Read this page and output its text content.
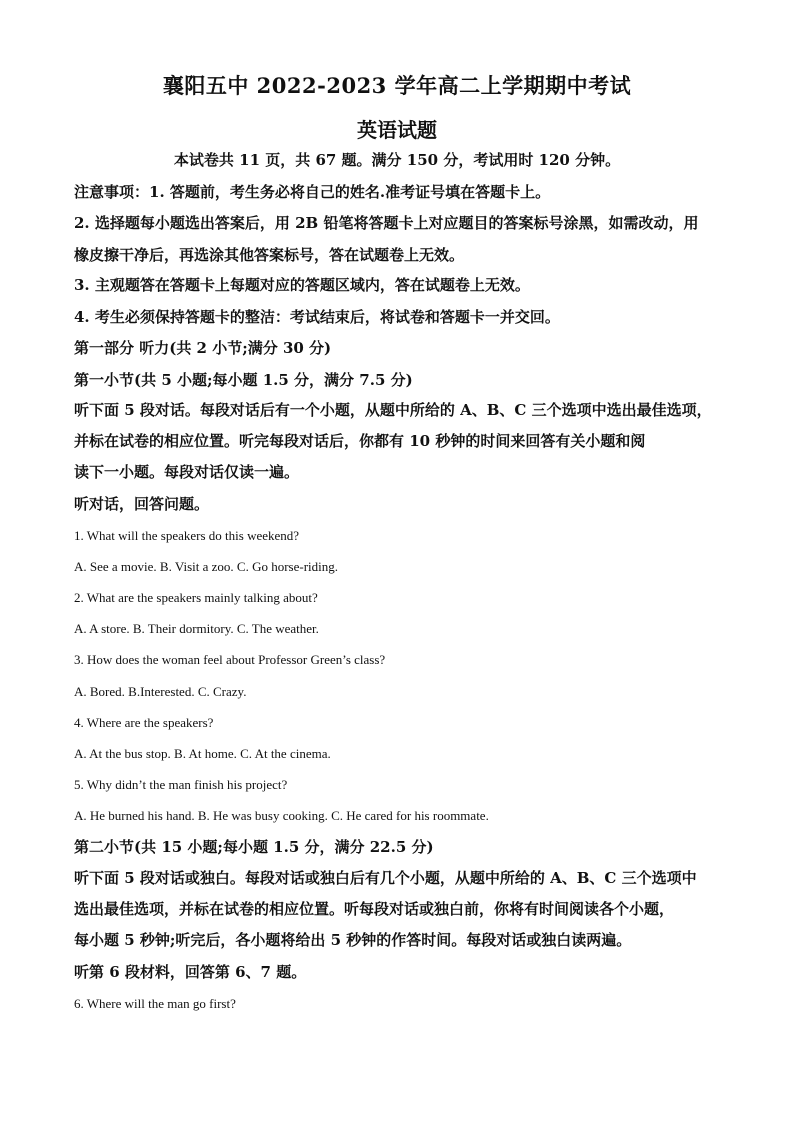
襄阳五中 2022-2023 学年高二上学期期中考试
英语试题
本试卷共 11 页，共 67 题。满分 150 分，考试用时 120 分钟。
注意事项：1. 答题前，考生务必将自己的姓名.准考证号填在答题卡上。
2. 选择题每小题选出答案后，用 2B 铅笔将答题卡上对应题目的答案标号涂黑，如需改动，用
橡皮擦干净后，再选涂其他答案标号，答在试题卷上无效。
3. 主观题答在答题卡上每题对应的答题区域内，答在试题卷上无效。
4. 考生必须保持答题卡的整洁：考试结束后，将试卷和答题卡一并交回。
第一部分 听力(共 2 小节;满分 30 分)
第一小节(共 5 小题;每小题 1.5 分，满分 7.5 分)
听下面 5 段对话。每段对话后有一个小题，从题中所给的 A、B、C 三个选项中选出最佳选项，
并标在试卷的相应位置。听完每段对话后，你都有 10 秒钟的时间来回答有关小题和阅
读下一小题。每段对话仅读一遍。
听对话，回答问题。
1. What will the speakers do this weekend?
A. See a movie. B. Visit a zoo. C. Go horse-riding.
2. What are the speakers mainly talking about?
A. A store. B. Their dormitory. C. The weather.
3. How does the woman feel about Professor Green’s class?
A. Bored. B.Interested. C. Crazy.
4. Where are the speakers?
A. At the bus stop. B. At home. C. At the cinema.
5. Why didn’t the man finish his project?
A. He burned his hand. B. He was busy cooking. C. He cared for his roommate.
第二小节(共 15 小题;每小题 1.5 分，满分 22.5 分)
听下面 5 段对话或独白。每段对话或独白后有几个小题，从题中所给的 A、B、C 三个选项中
选出最佳选项，并标在试卷的相应位置。听每段对话或独白前，你将有时间阅读各个小题，
每小题 5 秒钟;听完后，各小题将给出 5 秒钟的作答时间。每段对话或独白读两遍。
听第 6 段材料，回答第 6、7 题。
6. Where will the man go first?
